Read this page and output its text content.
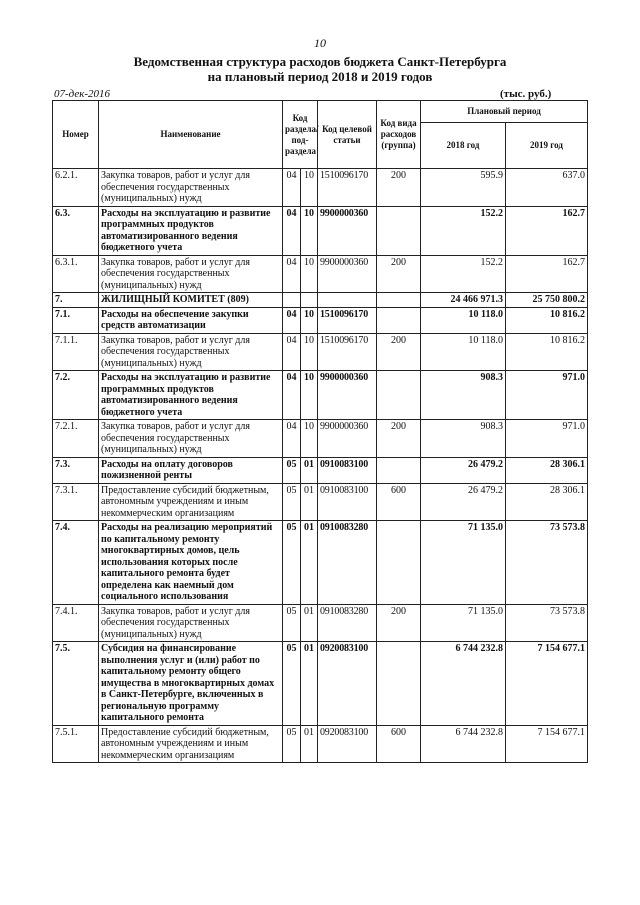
10
Ведомственная структура расходов бюджета Санкт-Петербурга
на плановый период 2018 и 2019 годов
07-дек-2016	(тыс. руб.)
Номер	Наименование	Код раздела/ под-раздела		Код целевой статьи	Код вида расходов (группа)	Плановый период	
						2018 год	2019 год
6.2.1.	Закупка товаров, работ и услуг для обеспечения государственных (муниципальных) нужд	04	10	1510096170	200	595.9	637.0
6.3.	Расходы на эксплуатацию и развитие программных продуктов автоматизированного ведения бюджетного учета	04	10	9900000360		152.2	162.7
6.3.1.	Закупка товаров, работ и услуг для обеспечения государственных (муниципальных) нужд	04	10	9900000360	200	152.2	162.7
7.	ЖИЛИЩНЫЙ КОМИТЕТ (809)					24 466 971.3	25 750 800.2
7.1.	Расходы на обеспечение закупки средств автоматизации	04	10	1510096170		10 118.0	10 816.2
7.1.1.	Закупка товаров, работ и услуг для обеспечения государственных (муниципальных) нужд	04	10	1510096170	200	10 118.0	10 816.2
7.2.	Расходы на эксплуатацию и развитие программных продуктов автоматизированного ведения бюджетного учета	04	10	9900000360		908.3	971.0
7.2.1.	Закупка товаров, работ и услуг для обеспечения государственных (муниципальных) нужд	04	10	9900000360	200	908.3	971.0
7.3.	Расходы на оплату договоров пожизненной ренты	05	01	0910083100		26 479.2	28 306.1
7.3.1.	Предоставление субсидий бюджетным, автономным учреждениям и иным некоммерческим организациям	05	01	0910083100	600	26 479.2	28 306.1
7.4.	Расходы на реализацию мероприятий по капитальному ремонту многоквартирных домов, цель использования которых после капитального ремонта будет определена как наемный дом социального использования	05	01	0910083280		71 135.0	73 573.8
7.4.1.	Закупка товаров, работ и услуг для обеспечения государственных (муниципальных) нужд	05	01	0910083280	200	71 135.0	73 573.8
7.5.	Субсидия на финансирование выполнения услуг и (или) работ по капитальному ремонту общего имущества в многоквартирных домах в Санкт-Петербурге, включенных в региональную программу капитального ремонта	05	01	0920083100		6 744 232.8	7 154 677.1
7.5.1.	Предоставление субсидий бюджетным, автономным учреждениям и иным некоммерческим организациям	05	01	0920083100	600	6 744 232.8	7 154 677.1
